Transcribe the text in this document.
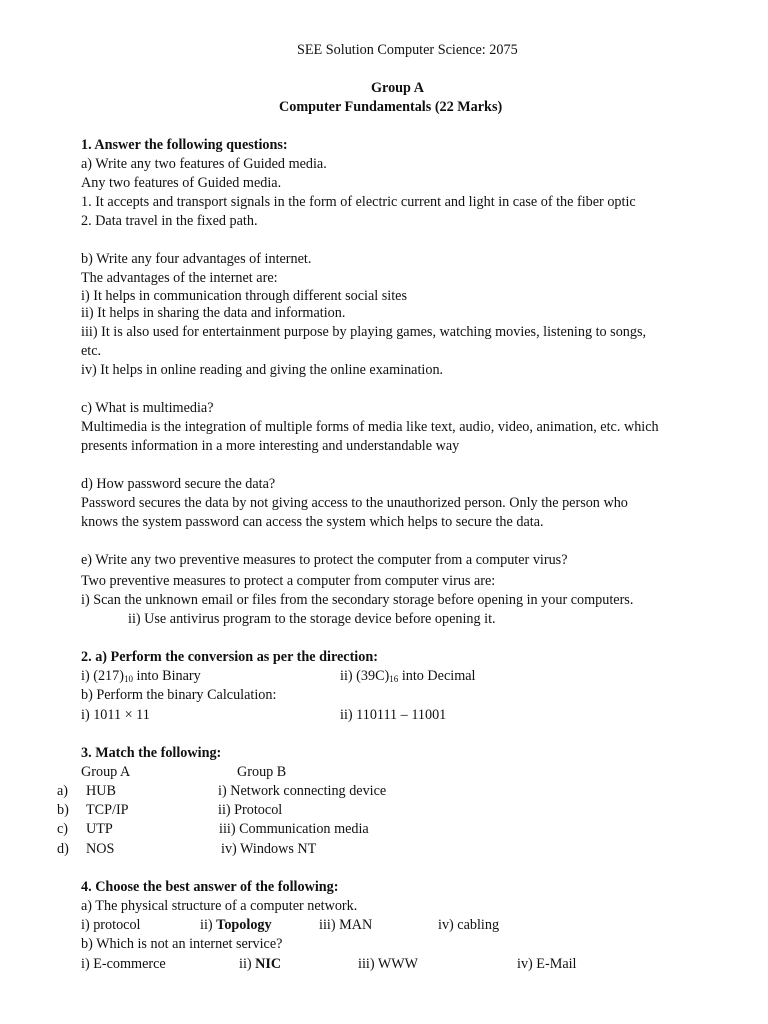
SEE Solution Computer Science: 2075
Group A
Computer Fundamentals (22 Marks)
1. Answer the following questions:
a) Write any two features of Guided media.
Any two features of Guided media.
1. It accepts and transport signals in the form of electric current and light in case of the fiber optic
2. Data travel in the fixed path.
b) Write any four advantages of internet.
The advantages of the internet are:
i) It helps in communication through different social sites
ii) It helps in sharing the data and information.
iii) It is also used for entertainment purpose by playing games, watching movies, listening to songs,
etc.
iv) It helps in online reading and giving the online examination.
c) What is multimedia?
Multimedia is the integration of multiple forms of media like text, audio, video, animation, etc. which
presents information in a more interesting and understandable way
d) How password secure the data?
Password secures the data by not giving access to the unauthorized person. Only the person who
knows the system password can access the system which helps to secure the data.
e) Write any two preventive measures to protect the computer from a computer virus?
Two preventive measures to protect a computer from computer virus are:
i) Scan the unknown email or files from the secondary storage before opening in your computers.
ii) Use antivirus program to the storage device before opening it.
2. a) Perform the conversion as per the direction:
i) $(217)_{10}$ into Binary	ii) $(39C)_{16}$ into Decimal
b) Perform the binary Calculation:
i) 1011 × 11	ii) 110111 – 11001
3. Match the following:
Group A	Group B
a) HUB	i) Network connecting device
b) TCP/IP	ii) Protocol
c) UTP	iii) Communication media
d) NOS	iv) Windows NT
4. Choose the best answer of the following:
a) The physical structure of a computer network.
i) protocol	ii) Topology	iii) MAN	iv) cabling
b) Which is not an internet service?
i) E-commerce	ii) NIC	iii) WWW	iv) E-Mail
